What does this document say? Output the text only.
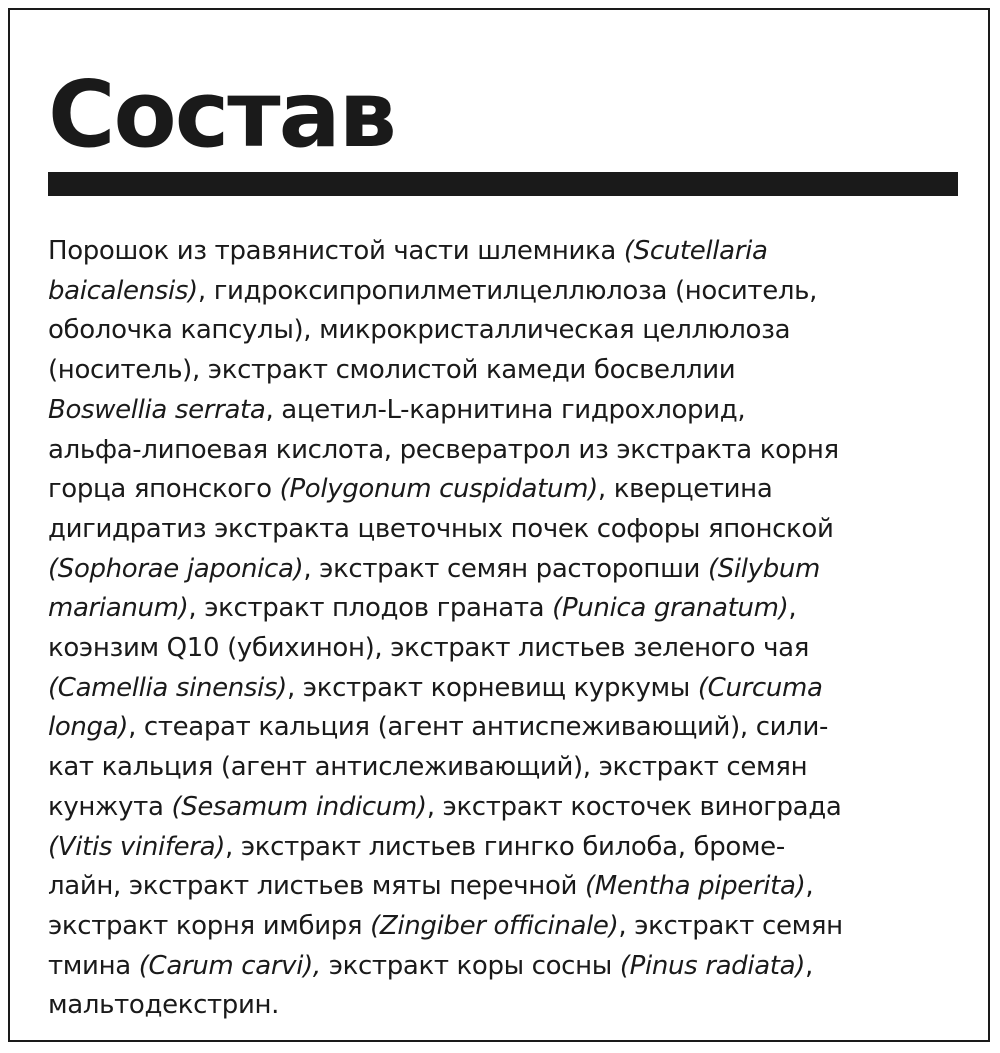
Состав

Порошок из травянистой части шлемника (Scutellaria
baicalensis), гидроксипропилметилцеллюлоза (носитель,
оболочка капсулы), микрокристаллическая целлюлоза
(носитель), экстракт смолистой камеди босвеллии
Boswellia serrata, ацетил-L-карнитина гидрохлорид,
альфа-липоевая кислота, ресвератрол из экстракта корня
горца японского (Polygonum cuspidatum), кверцетина
дигидратиз экстракта цветочных почек софоры японской
(Sophorae japonica), экстракт семян расторопши (Silybum
marianum), экстракт плодов граната (Punica granatum),
коэнзим Q10 (убихинон), экстракт листьев зеленого чая
(Camellia sinensis), экстракт корневищ куркумы (Curcuma
longa), стеарат кальция (агент антиспеживающий), сили-
кат кальция (агент антислеживающий), экстракт семян
кунжута (Sesamum indicum), экстракт косточек винограда
(Vitis vinifera), экстракт листьев гингко билоба, броме-
лайн, экстракт листьев мяты перечной (Mentha piperita),
экстракт корня имбиря (Zingiber officinale), экстракт семян
тмина (Carum carvi), экстракт коры сосны (Pinus radiata),
мальтодекстрин.
